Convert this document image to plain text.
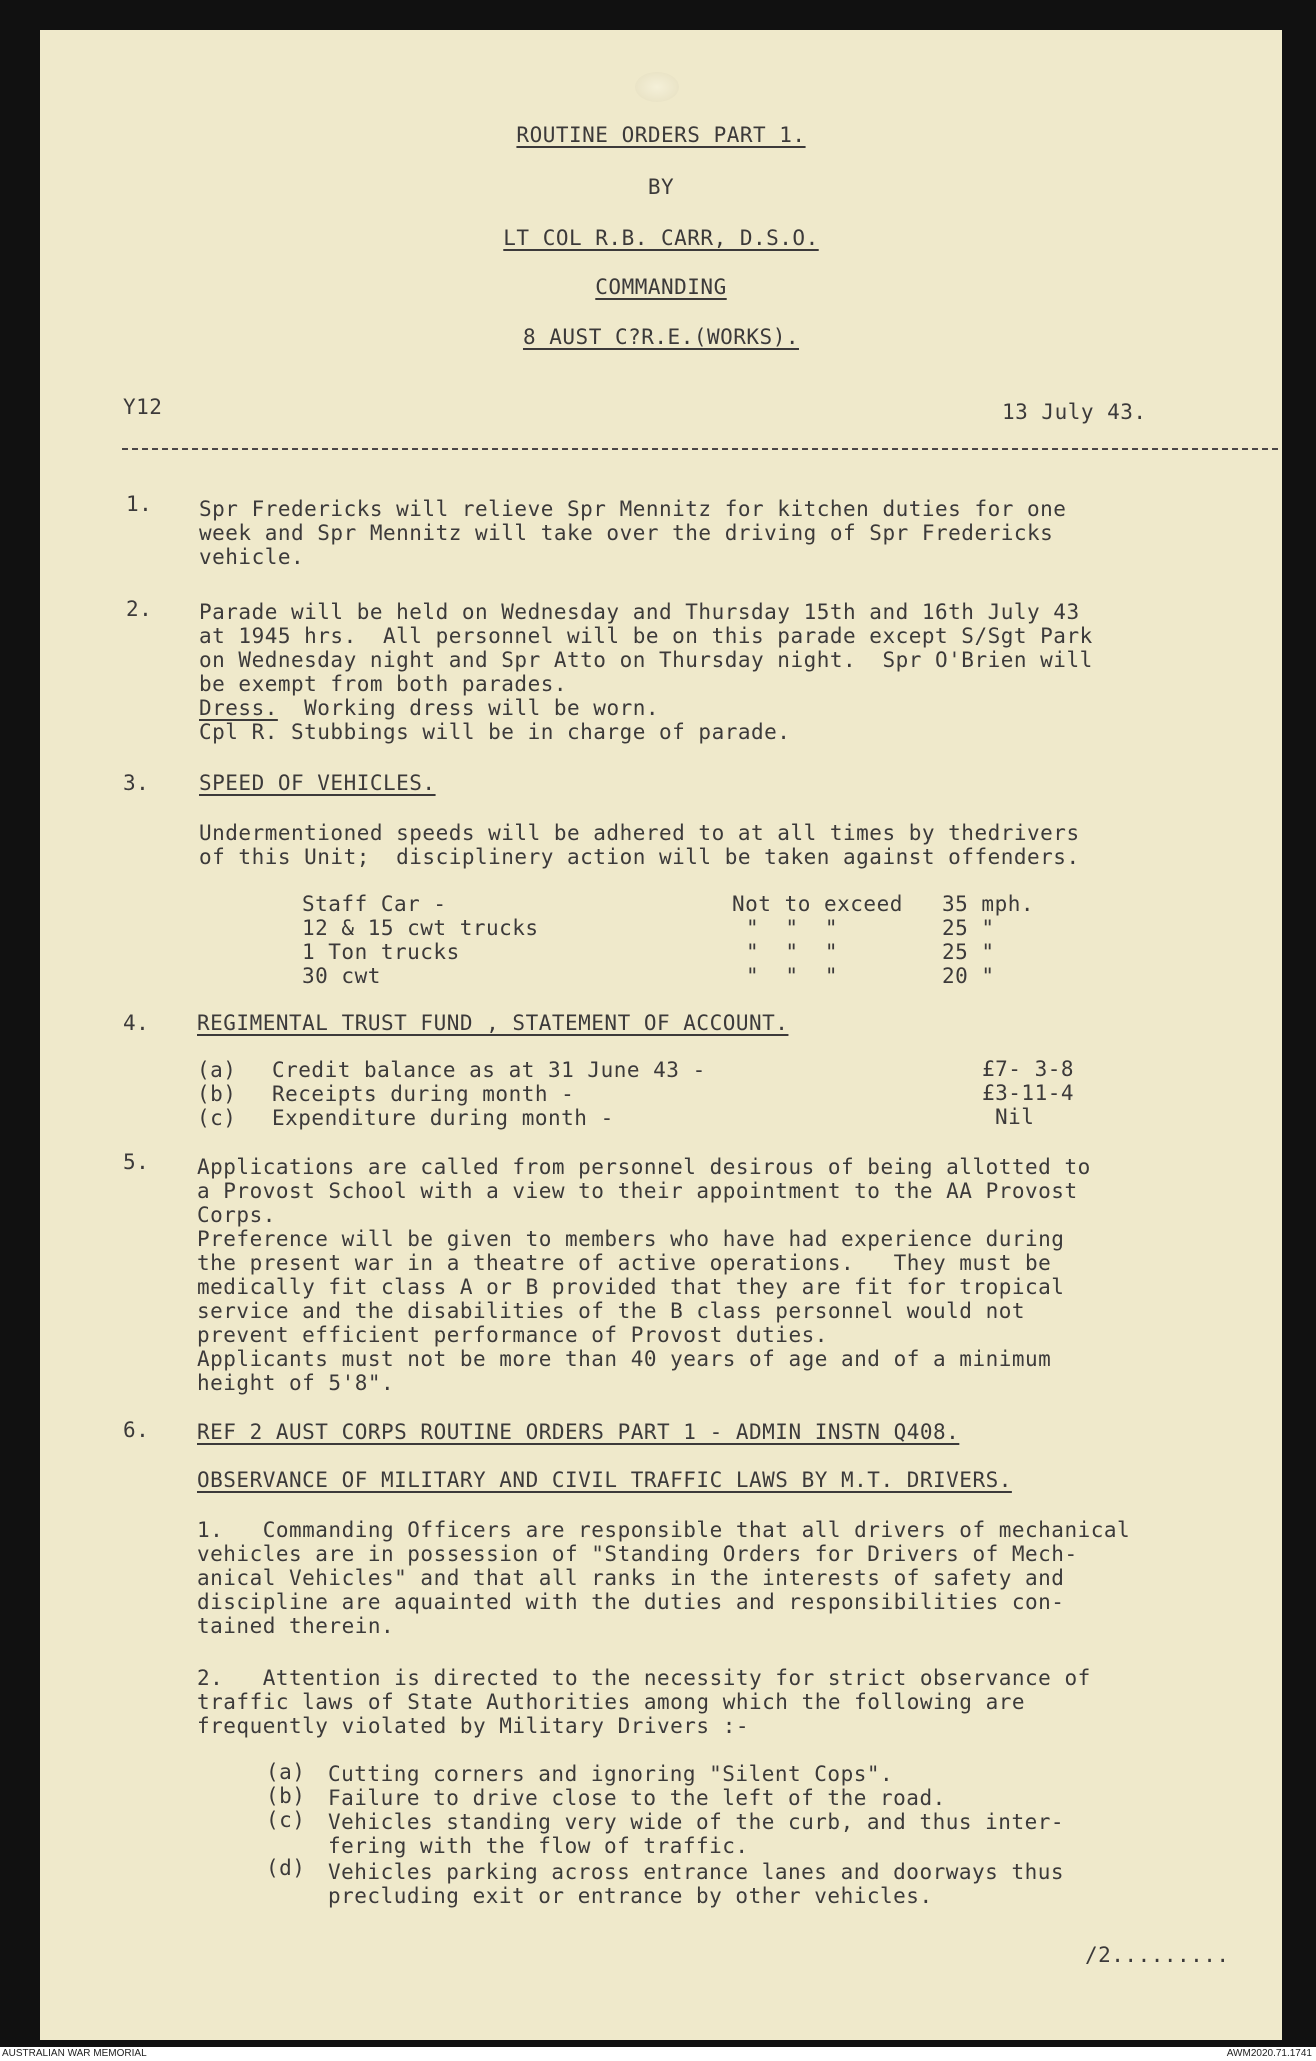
ROUTINE ORDERS PART 1.
BY
LT COL R.B. CARR, D.S.O.
COMMANDING
8 AUST C?R.E.(WORKS).
Y12	13 July 43.
1. Spr Fredericks will relieve Spr Mennitz for kitchen duties for one
week and Spr Mennitz will take over the driving of Spr Fredericks
vehicle.
2. Parade will be held on Wednesday and Thursday 15th and 16th July 43
at 1945 hrs.  All personnel will be on this parade except S/Sgt Park
on Wednesday night and Spr Atto on Thursday night.  Spr O'Brien will
be exempt from both parades.
Dress. Working dress will be worn.
Cpl R. Stubbings will be in charge of parade.
3. SPEED OF VEHICLES.
Undermentioned speeds will be adhered to at all times by thedrivers
of this Unit;  disciplinery action will be taken against offenders.
Staff Car -	Not to exceed 35 mph.
12 & 15 cwt trucks	"  "  "	25 "
1 Ton trucks	"  "  "	25 "
30 cwt	"  "  "	20 "
4. REGIMENTAL TRUST FUND , STATEMENT OF ACCOUNT.
(a) Credit balance as at 31 June 43 -	£7- 3-8
(b) Receipts during month -	£3-11-4
(c) Expenditure during month -	Nil
5. Applications are called from personnel desirous of being allotted to
a Provost School with a view to their appointment to the AA Provost
Corps.
Preference will be given to members who have had experience during
the present war in a theatre of active operations.   They must be
medically fit class A or B provided that they are fit for tropical
service and the disabilities of the B class personnel would not
prevent efficient performance of Provost duties.
Applicants must not be more than 40 years of age and of a minimum
height of 5'8".
6. REF 2 AUST CORPS ROUTINE ORDERS PART 1 - ADMIN INSTN Q408.
OBSERVANCE OF MILITARY AND CIVIL TRAFFIC LAWS BY M.T. DRIVERS.
1.   Commanding Officers are responsible that all drivers of mechanical
vehicles are in possession of "Standing Orders for Drivers of Mech-
anical Vehicles" and that all ranks in the interests of safety and
discipline are aquainted with the duties and responsibilities con-
tained therein.
2.   Attention is directed to the necessity for strict observance of
traffic laws of State Authorities among which the following are
frequently violated by Military Drivers :-
(a) Cutting corners and ignoring "Silent Cops".
(b) Failure to drive close to the left of the road.
(c) Vehicles standing very wide of the curb, and thus inter-
fering with the flow of traffic.
(d) Vehicles parking across entrance lanes and doorways thus
precluding exit or entrance by other vehicles.
/2.........
AUSTRALIAN WAR MEMORIAL	AWM2020.71.1741
